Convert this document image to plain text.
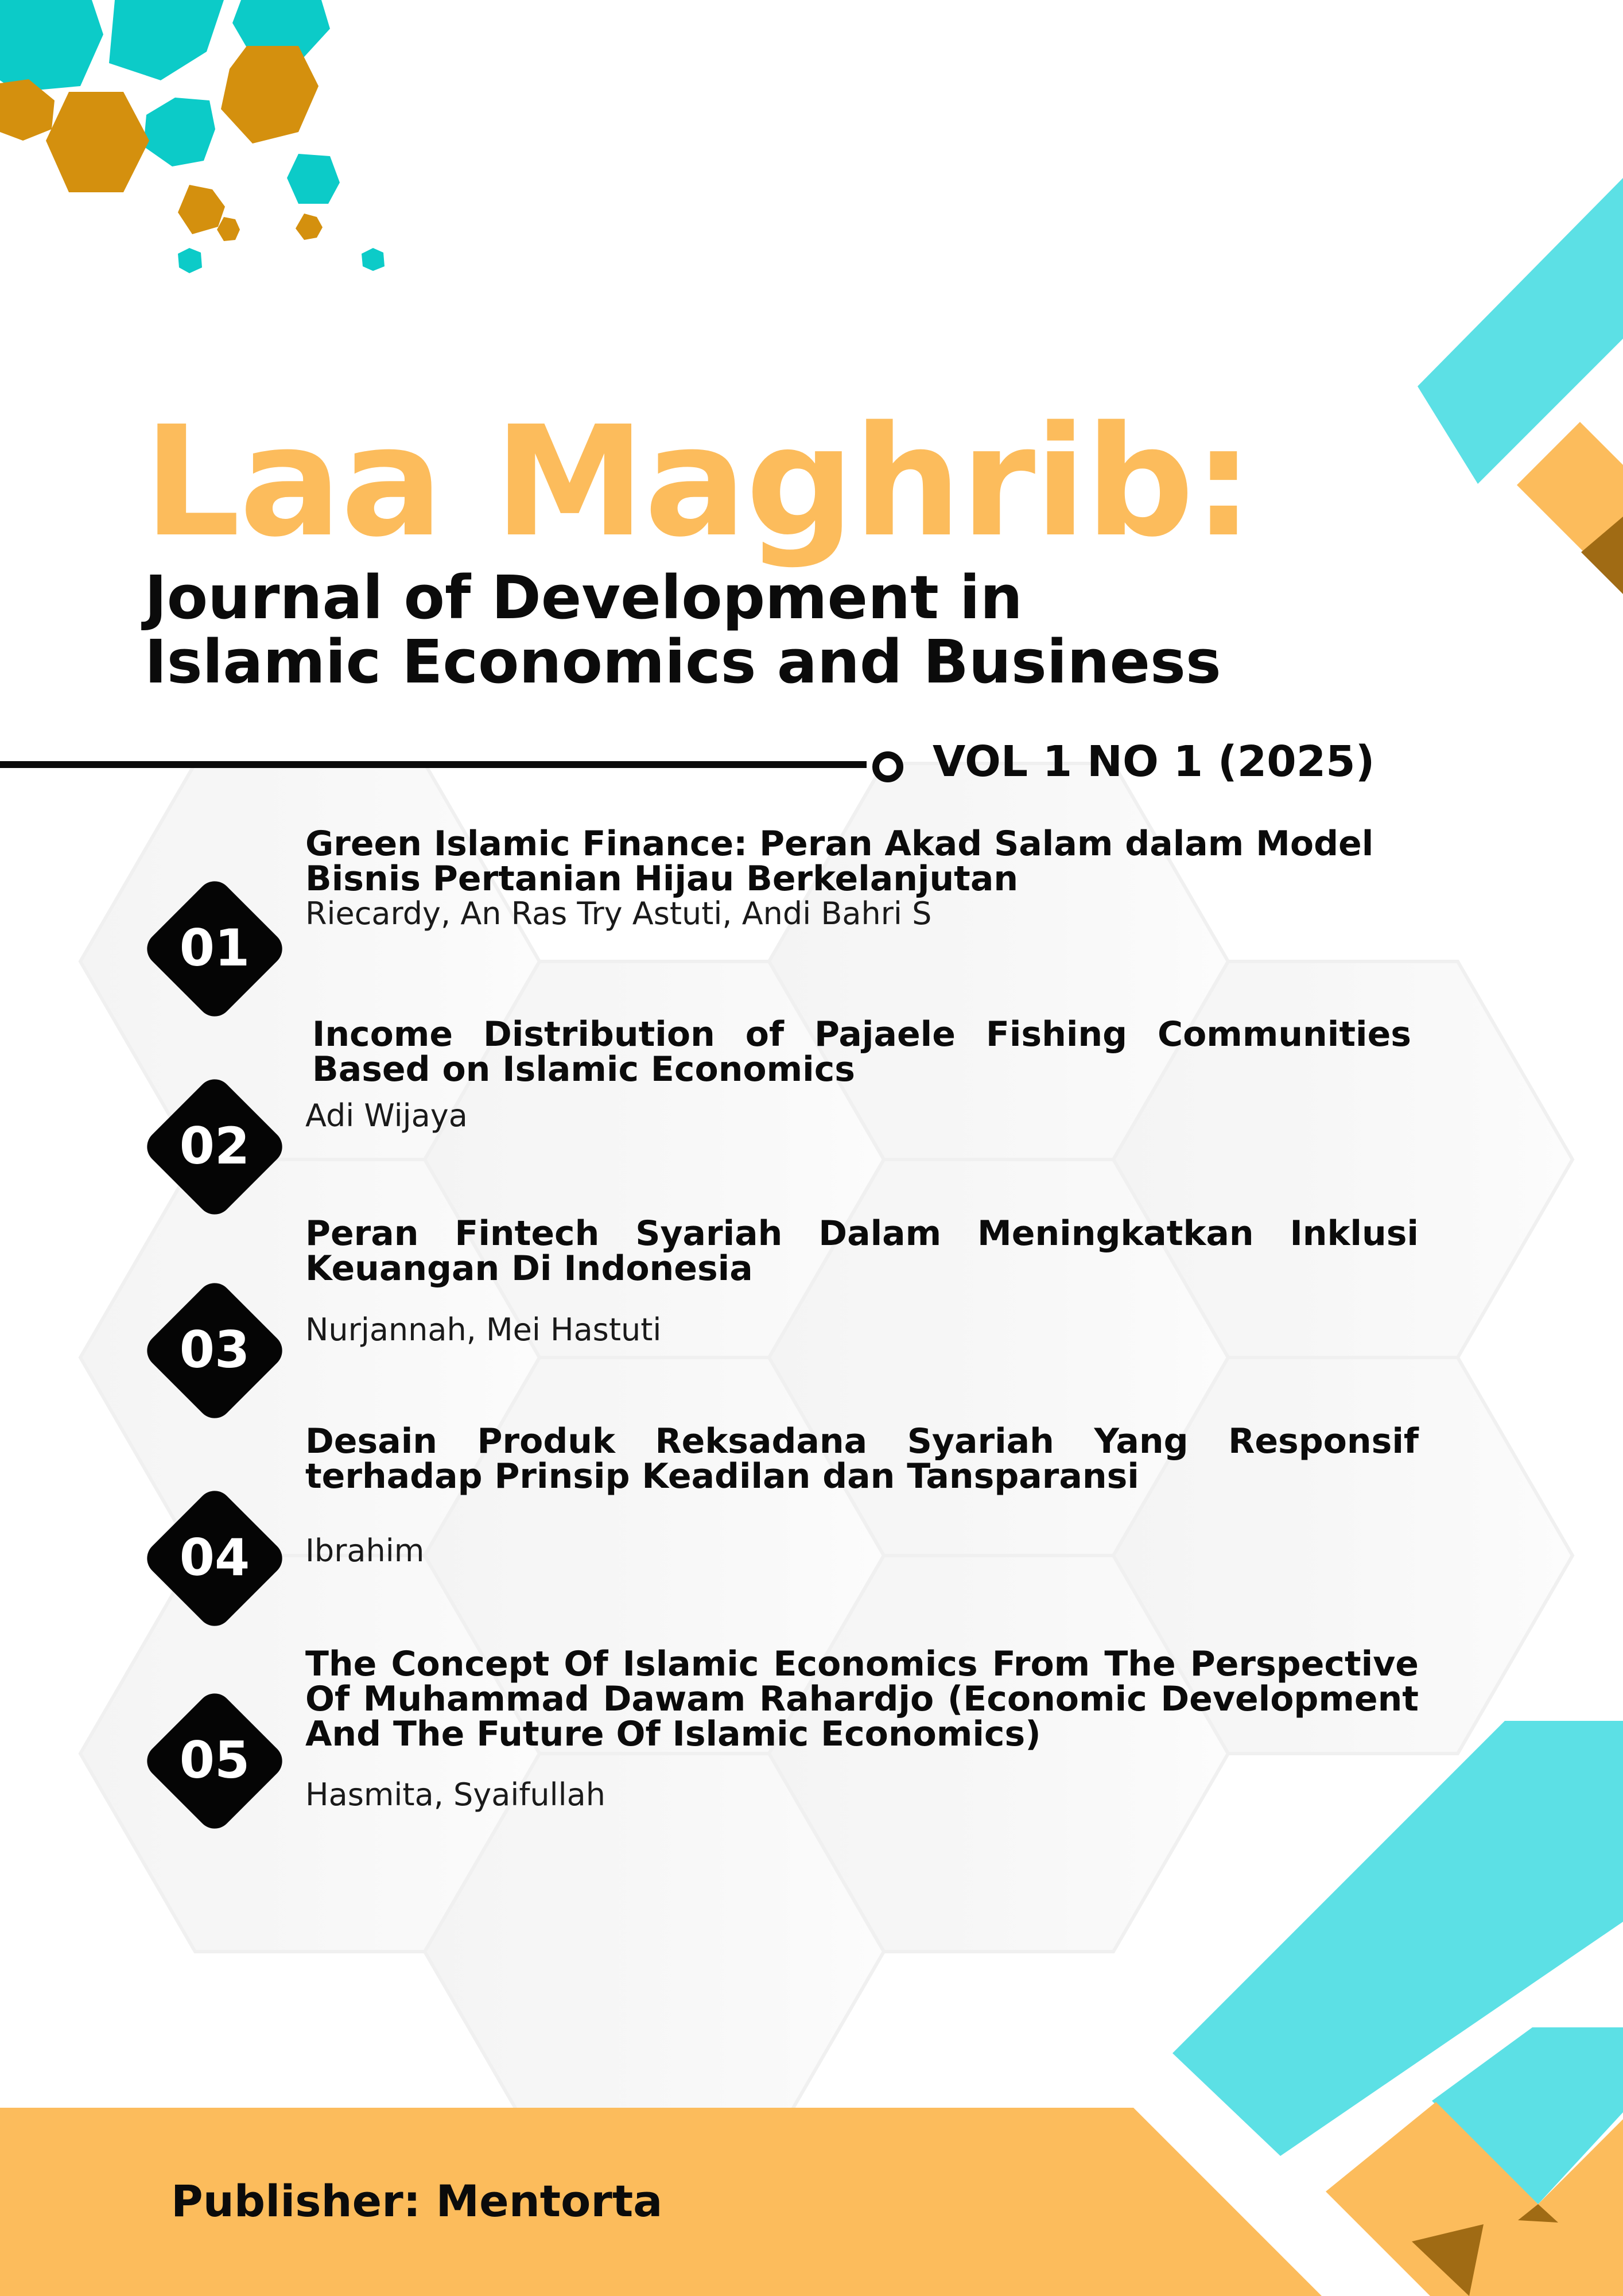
Laa Maghrib:
Journal of Development in
Islamic Economics and Business
VOL 1 NO 1 (2025)
01

Green Islamic Finance: Peran Akad Salam dalam Model Bisnis Pertanian Hijau Berkelanjutan

Riecardy, An Ras Try Astuti, Andi Bahri S

02

Income Distribution of Pajaele Fishing Communities Based on Islamic Economics

Adi Wijaya

03

Peran Fintech Syariah Dalam Meningkatkan Inklusi Keuangan Di Indonesia

Nurjannah, Mei Hastuti

04

Desain Produk Reksadana Syariah Yang Responsif terhadap Prinsip Keadilan dan Tansparansi

Ibrahim

05

The Concept Of Islamic Economics From The Perspective Of Muhammad Dawam Rahardjo (Economic Development And The Future Of Islamic Economics)

Hasmita, Syaifullah

Publisher: Mentorta
